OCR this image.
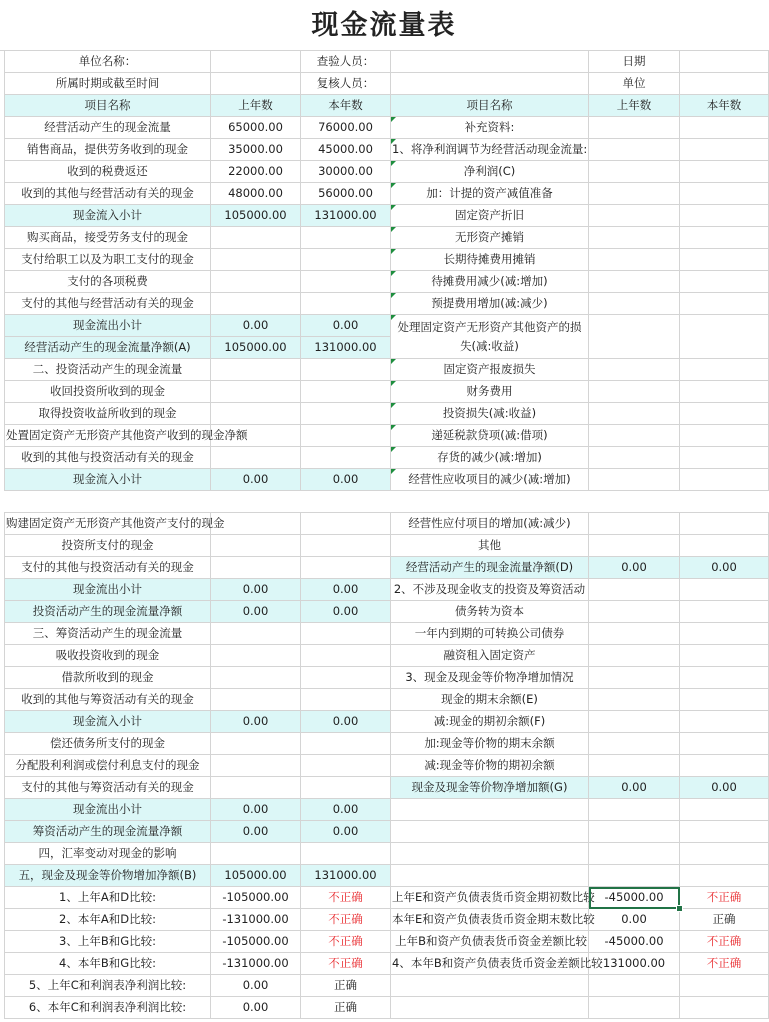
现金流量表
单位名称：		查验人员：		日期	
所属时期或截至时间		复核人员：		单位	
项目名称	上年数	本年数	项目名称	上年数	本年数
经营活动产生的现金流量	65000.00	76000.00	补充资料:		
销售商品，提供劳务收到的现金	35000.00	45000.00	1、将净利润调节为经营活动现金流量:		
收到的税费返还	22000.00	30000.00	净利润(C)		
收到的其他与经营活动有关的现金	48000.00	56000.00	加：计提的资产减值准备		
现金流入小计	105000.00	131000.00	固定资产折旧		
购买商品，接受劳务支付的现金			无形资产摊销		
支付给职工以及为职工支付的现金			长期待摊费用摊销		
支付的各项税费			待摊费用减少(减:增加)		
支付的其他与经营活动有关的现金			预提费用增加(减:减少)		
现金流出小计	0.00	0.00	处理固定资产无形资产其他资产的损失(减:收益)		
经营活动产生的现金流量净额(A)	105000.00	131000.00			
二、投资活动产生的现金流量			固定资产报废损失		
收回投资所收到的现金			财务费用		
取得投资收益所收到的现金			投资损失(减:收益)		
处置固定资产无形资产其他资产收到的现金净额			递延税款贷项(减:借项)		
收到的其他与投资活动有关的现金			存货的减少(减:增加)		
现金流入小计	0.00	0.00	经营性应收项目的减少(减:增加)		
购建固定资产无形资产其他资产支付的现金			经营性应付项目的增加(减:减少)		
投资所支付的现金			其他		
支付的其他与投资活动有关的现金			经营活动产生的现金流量净额(D)	0.00	0.00
现金流出小计	0.00	0.00	2、不涉及现金收支的投资及筹资活动		
投资活动产生的现金流量净额	0.00	0.00	债务转为资本		
三、筹资活动产生的现金流量			一年内到期的可转换公司债券		
吸收投资收到的现金			融资租入固定资产		
借款所收到的现金			3、现金及现金等价物净增加情况		
收到的其他与筹资活动有关的现金			现金的期末余额(E)		
现金流入小计	0.00	0.00	减:现金的期初余额(F)		
偿还债务所支付的现金			加:现金等价物的期末余额		
分配股利利润或偿付利息支付的现金			减:现金等价物的期初余额		
支付的其他与筹资活动有关的现金			现金及现金等价物净增加额(G)	0.00	0.00
现金流出小计	0.00	0.00			
筹资活动产生的现金流量净额	0.00	0.00			
四，汇率变动对现金的影响					
五，现金及现金等价物增加净额(B)	105000.00	131000.00			
1、上年A和D比较:	-105000.00	不正确	上年E和资产负债表货币资金期初数比较	-45000.00	不正确
2、本年A和D比较:	-131000.00	不正确	本年E和资产负债表货币资金期末数比较	0.00	正确
3、上年B和G比较:	-105000.00	不正确	上年B和资产负债表货币资金差额比较	-45000.00	不正确
4、本年B和G比较:	-131000.00	不正确	4、本年B和资产负债表货币资金差额比较	131000.00	不正确
5、上年C和利润表净利润比较:	0.00	正确			
6、本年C和利润表净利润比较:	0.00	正确			
